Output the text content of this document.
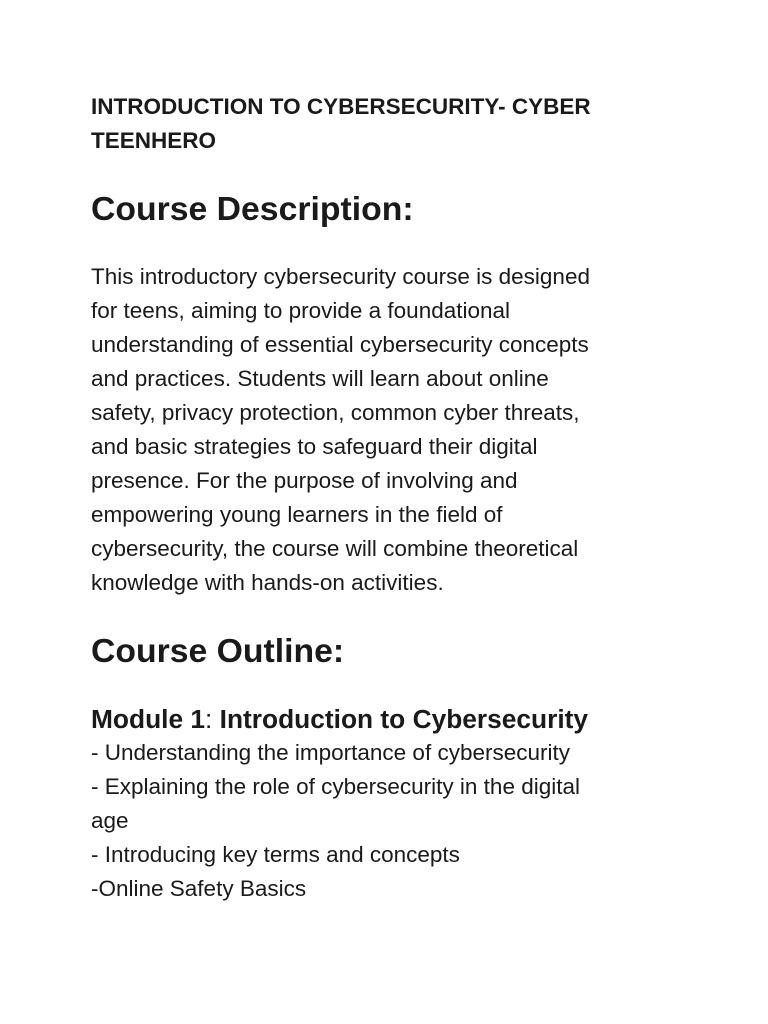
INTRODUCTION TO CYBERSECURITY- CYBER
TEENHERO
Course Description:

This introductory cybersecurity course is designed
for teens, aiming to provide a foundational
understanding of essential cybersecurity concepts
and practices. Students will learn about online
safety, privacy protection, common cyber threats,
and basic strategies to safeguard their digital
presence. For the purpose of involving and
empowering young learners in the field of
cybersecurity, the course will combine theoretical
knowledge with hands-on activities.

Course Outline:
Module 1: Introduction to Cybersecurity

- Understanding the importance of cybersecurity
- Explaining the role of cybersecurity in the digital
age
- Introducing key terms and concepts
-Online Safety Basics
